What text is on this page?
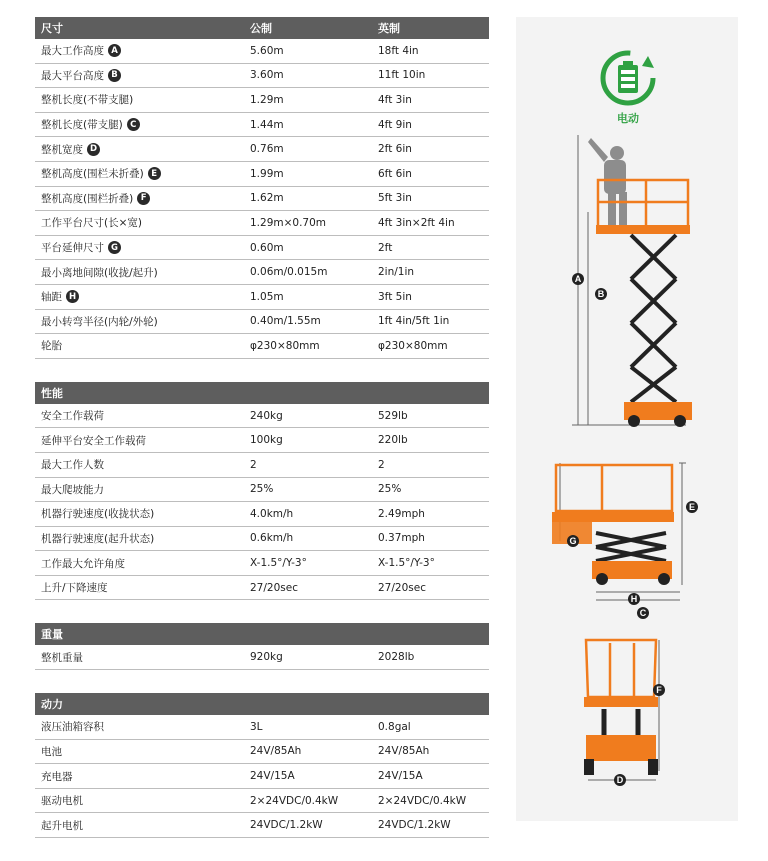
尺寸	公制	英制
最大工作高度 A	5.60m	18ft 4in
最大平台高度 B	3.60m	11ft 10in
整机长度(不带支腿)	1.29m	4ft 3in
整机长度(带支腿) C	1.44m	4ft 9in
整机宽度 D	0.76m	2ft 6in
整机高度(围栏未折叠) E	1.99m	6ft 6in
整机高度(围栏折叠) F	1.62m	5ft 3in
工作平台尺寸(长×宽)	1.29m×0.70m	4ft 3in×2ft 4in
平台延伸尺寸 G	0.60m	2ft
最小离地间隙(收拢/起升)	0.06m/0.015m	2in/1in
轴距 H	1.05m	3ft 5in
最小转弯半径(内轮/外轮)	0.40m/1.55m	1ft 4in/5ft 1in
轮胎	φ230×80mm	φ230×80mm
性能
安全工作载荷	240kg	529lb
延伸平台安全工作载荷	100kg	220lb
最大工作人数	2	2
最大爬坡能力	25%	25%
机器行驶速度(收拢状态)	4.0km/h	2.49mph
机器行驶速度(起升状态)	0.6km/h	0.37mph
工作最大允许角度	X-1.5°/Y-3°	X-1.5°/Y-3°
上升/下降速度	27/20sec	27/20sec
重量
整机重量	920kg	2028lb
动力
液压油箱容积	3L	0.8gal
电池	24V/85Ah	24V/85Ah
充电器	24V/15A	24V/15A
驱动电机	2×24VDC/0.4kW	2×24VDC/0.4kW
起升电机	24VDC/1.2kW	24VDC/1.2kW
电动
A
B
G
E
H
C
F
D
